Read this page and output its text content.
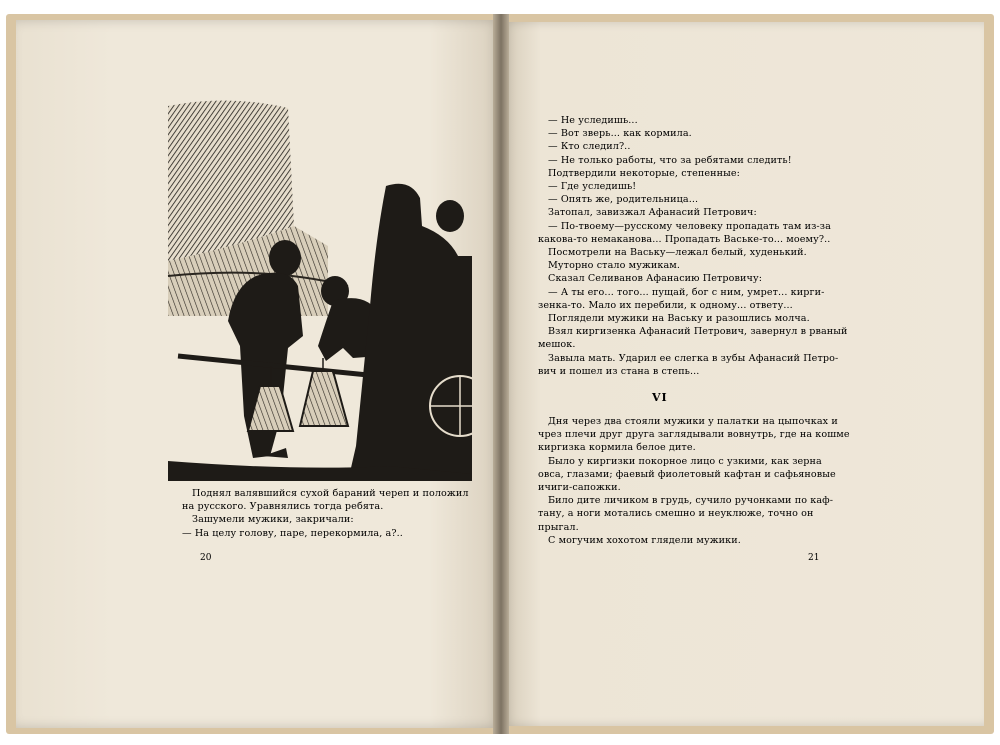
Поднял валявшийся сухой бараний череп и положил

на русского. Уравнялись тогда ребята.

Зашумели мужики, закричали:

— На целу голову, паре, перекормила, а?..

20

— Не уследишь...

— Вот зверь... как кормила.

— Кто следил?..

— Не только работы, что за ребятами следить!

Подтвердили некоторые, степенные:

— Где уследишь!

— Опять же, родительница...

Затопал, завизжал Афанасий Петрович:

— По-твоему—русскому человеку пропадать там из-за

какова-то немаканова... Пропадать Ваське-то... моему?..

Посмотрели на Ваську—лежал белый, худенький.

Муторно стало мужикам.

Сказал Селиванов Афанасию Петровичу:

— А ты его... того... пущай, бог с ним, умрет... кирги-

зенка-то. Мало их перебили, к одному... ответу...

Поглядели мужики на Ваську и разошлись молча.

Взял киргизенка Афанасий Петрович, завернул в рваный

мешок.

Завыла мать. Ударил ее слегка в зубы Афанасий Петро-

вич и пошел из стана в степь...

VI

Дня через два стояли мужики у палатки на цыпочках и

чрез плечи друг друга заглядывали вовнутрь, где на кошме

киргизка кормила белое дите.

Было у киргизки покорное лицо с узкими, как зерна

овса, глазами; фаевый фиолетовый кафтан и сафьяновые

ичиги-сапожки.

Било дите личиком в грудь, сучило ручонками по каф-

тану, а ноги мотались смешно и неуклюже, точно он

прыгал.

С могучим хохотом глядели мужики.

21
